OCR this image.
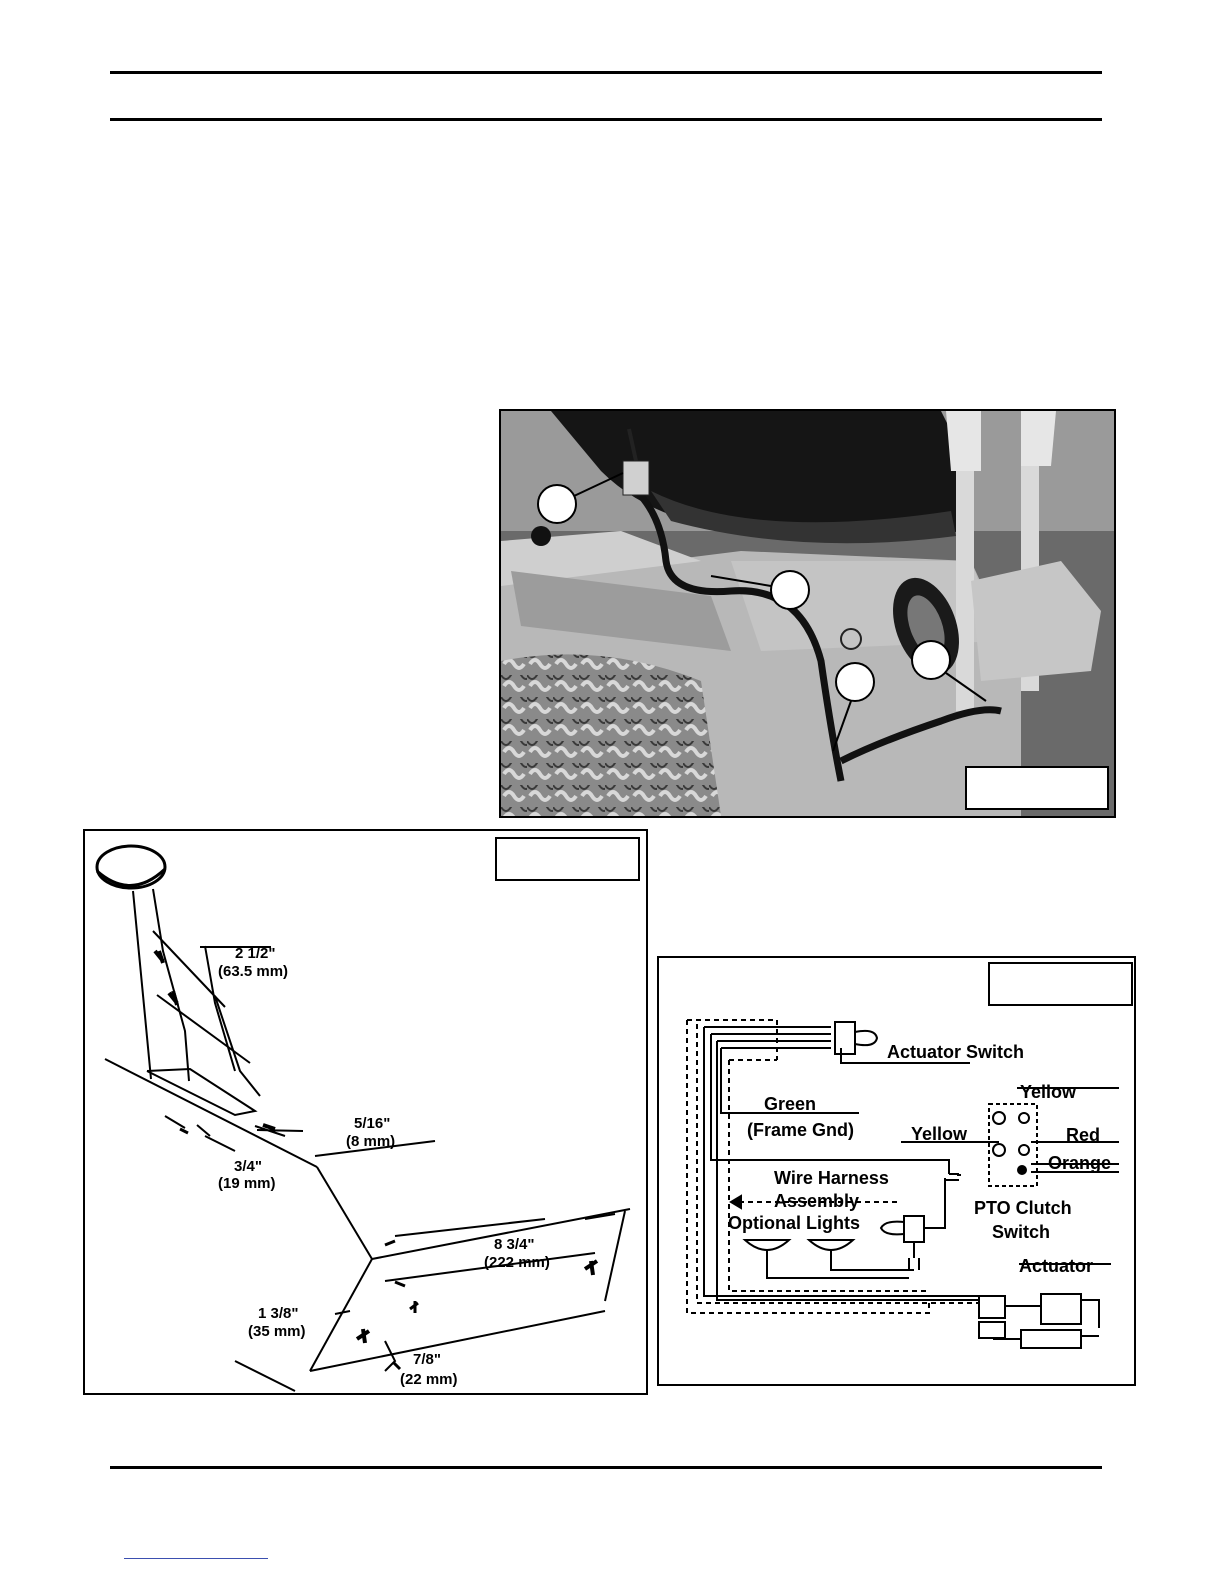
2 1/2"
(63.5 mm)
5/16"
(8 mm)
3/4"
(19 mm)
8 3/4"
(222 mm)
1 3/8"
(35 mm)
7/8"
(22 mm)
Actuator Switch
Yellow
Green
(Frame Gnd)	Yellow	Red
Orange
Wire Harness
Assembly
Optional Lights
PTO Clutch
Switch
Actuator
